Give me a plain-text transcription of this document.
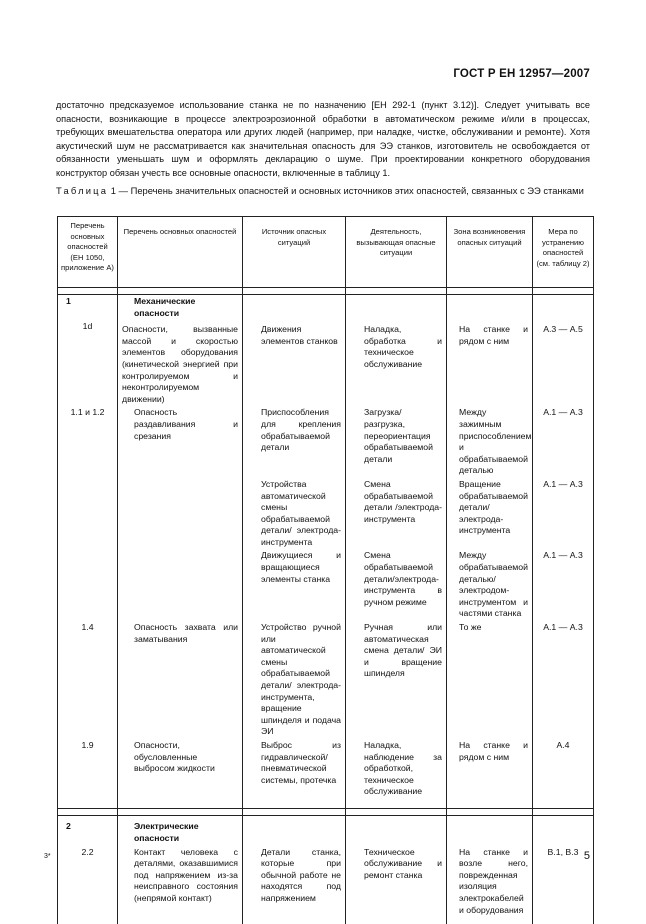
ГОСТ Р ЕН 12957—2007

достаточно предсказуемое использование станка не по назначению [ЕН 292-1 (пункт 3.12)]. Следует учитывать все опасности, возникающие в процессе электроэрозионной обработки в автоматическом режиме и/или в процессах, требующих вмешательства оператора или других людей (например, при наладке, чистке, обслуживании и ремонте). Хотя акустический шум не рассматривается как значительная опасность для ЭЭ станков, изготовитель не освобождается от обязанности уменьшать шум и оформлять декларацию о шуме. При проектировании конкретного оборудования конструктор обязан учесть все основные опасности, включенные в таблицу 1.

Таблица 1 — Перечень значительных опасностей и основных источников этих опасностей, связанных с ЭЭ станками
Перечень основных опасностей (ЕН 1050, приложение А)	Перечень основных опасностей	Источник опасных ситуаций	Деятельность, вызывающая опасные ситуации	Зона возникновения опасных ситуаций	Мера по устранению опасностей (см. таблицу 2)

1	Механические опасности				
1d	Опасности, вызванные массой и скоростью элементов оборудования (кинетической энергией при контролируемом и неконтролируемом движении)	Движения элементов станков	Наладка, обработка и техническое обслуживание	На станке и рядом с ним	А.3 — А.5
1.1 и 1.2	Опасность раздавливания и срезания	Приспособления для крепления обрабатываемой детали	Загрузка/разгрузка, переориентация обрабатываемой детали	Между зажимным приспособлением и обрабатываемой деталью	А.1 — А.3
		Устройства автоматической смены обрабатываемой детали/ электрода-инструмента	Смена обрабатываемой детали /электрода-инструмента	Вращение обрабатываемой детали/ электрода-инструмента	А.1 — А.3
		Движущиеся и вращающиеся элементы станка	Смена обрабатываемой детали/электрода-инструмента в ручном режиме	Между обрабатываемой деталью/электродом-инструментом и частями станка	А.1 — А.3
1.4	Опасность захвата или заматывания	Устройство ручной или автоматической смены обрабатываемой детали/ электрода-инструмента, вращение шпинделя и подача ЭИ	Ручная или автоматическая смена детали/ ЭИ и вращение шпинделя	То же	А.1 — А.3
1.9	Опасности, обусловленные выбросом жидкости	Выброс из гидравлической/пневматической системы, протечка	Наладка, наблюдение за обработкой, техническое обслуживание	На станке и рядом с ним	А.4

2	Электрические опасности				
2.2	Контакт человека с деталями, оказавшимися под напряжением из-за неисправного состояния (непрямой контакт)	Детали станка, которые при обычной работе не находятся под напряжением	Техническое обслуживание и ремонт станка	На станке и возле него, поврежденная изоляция электрокабелей и оборудования	В.1, В.3
3*	5
